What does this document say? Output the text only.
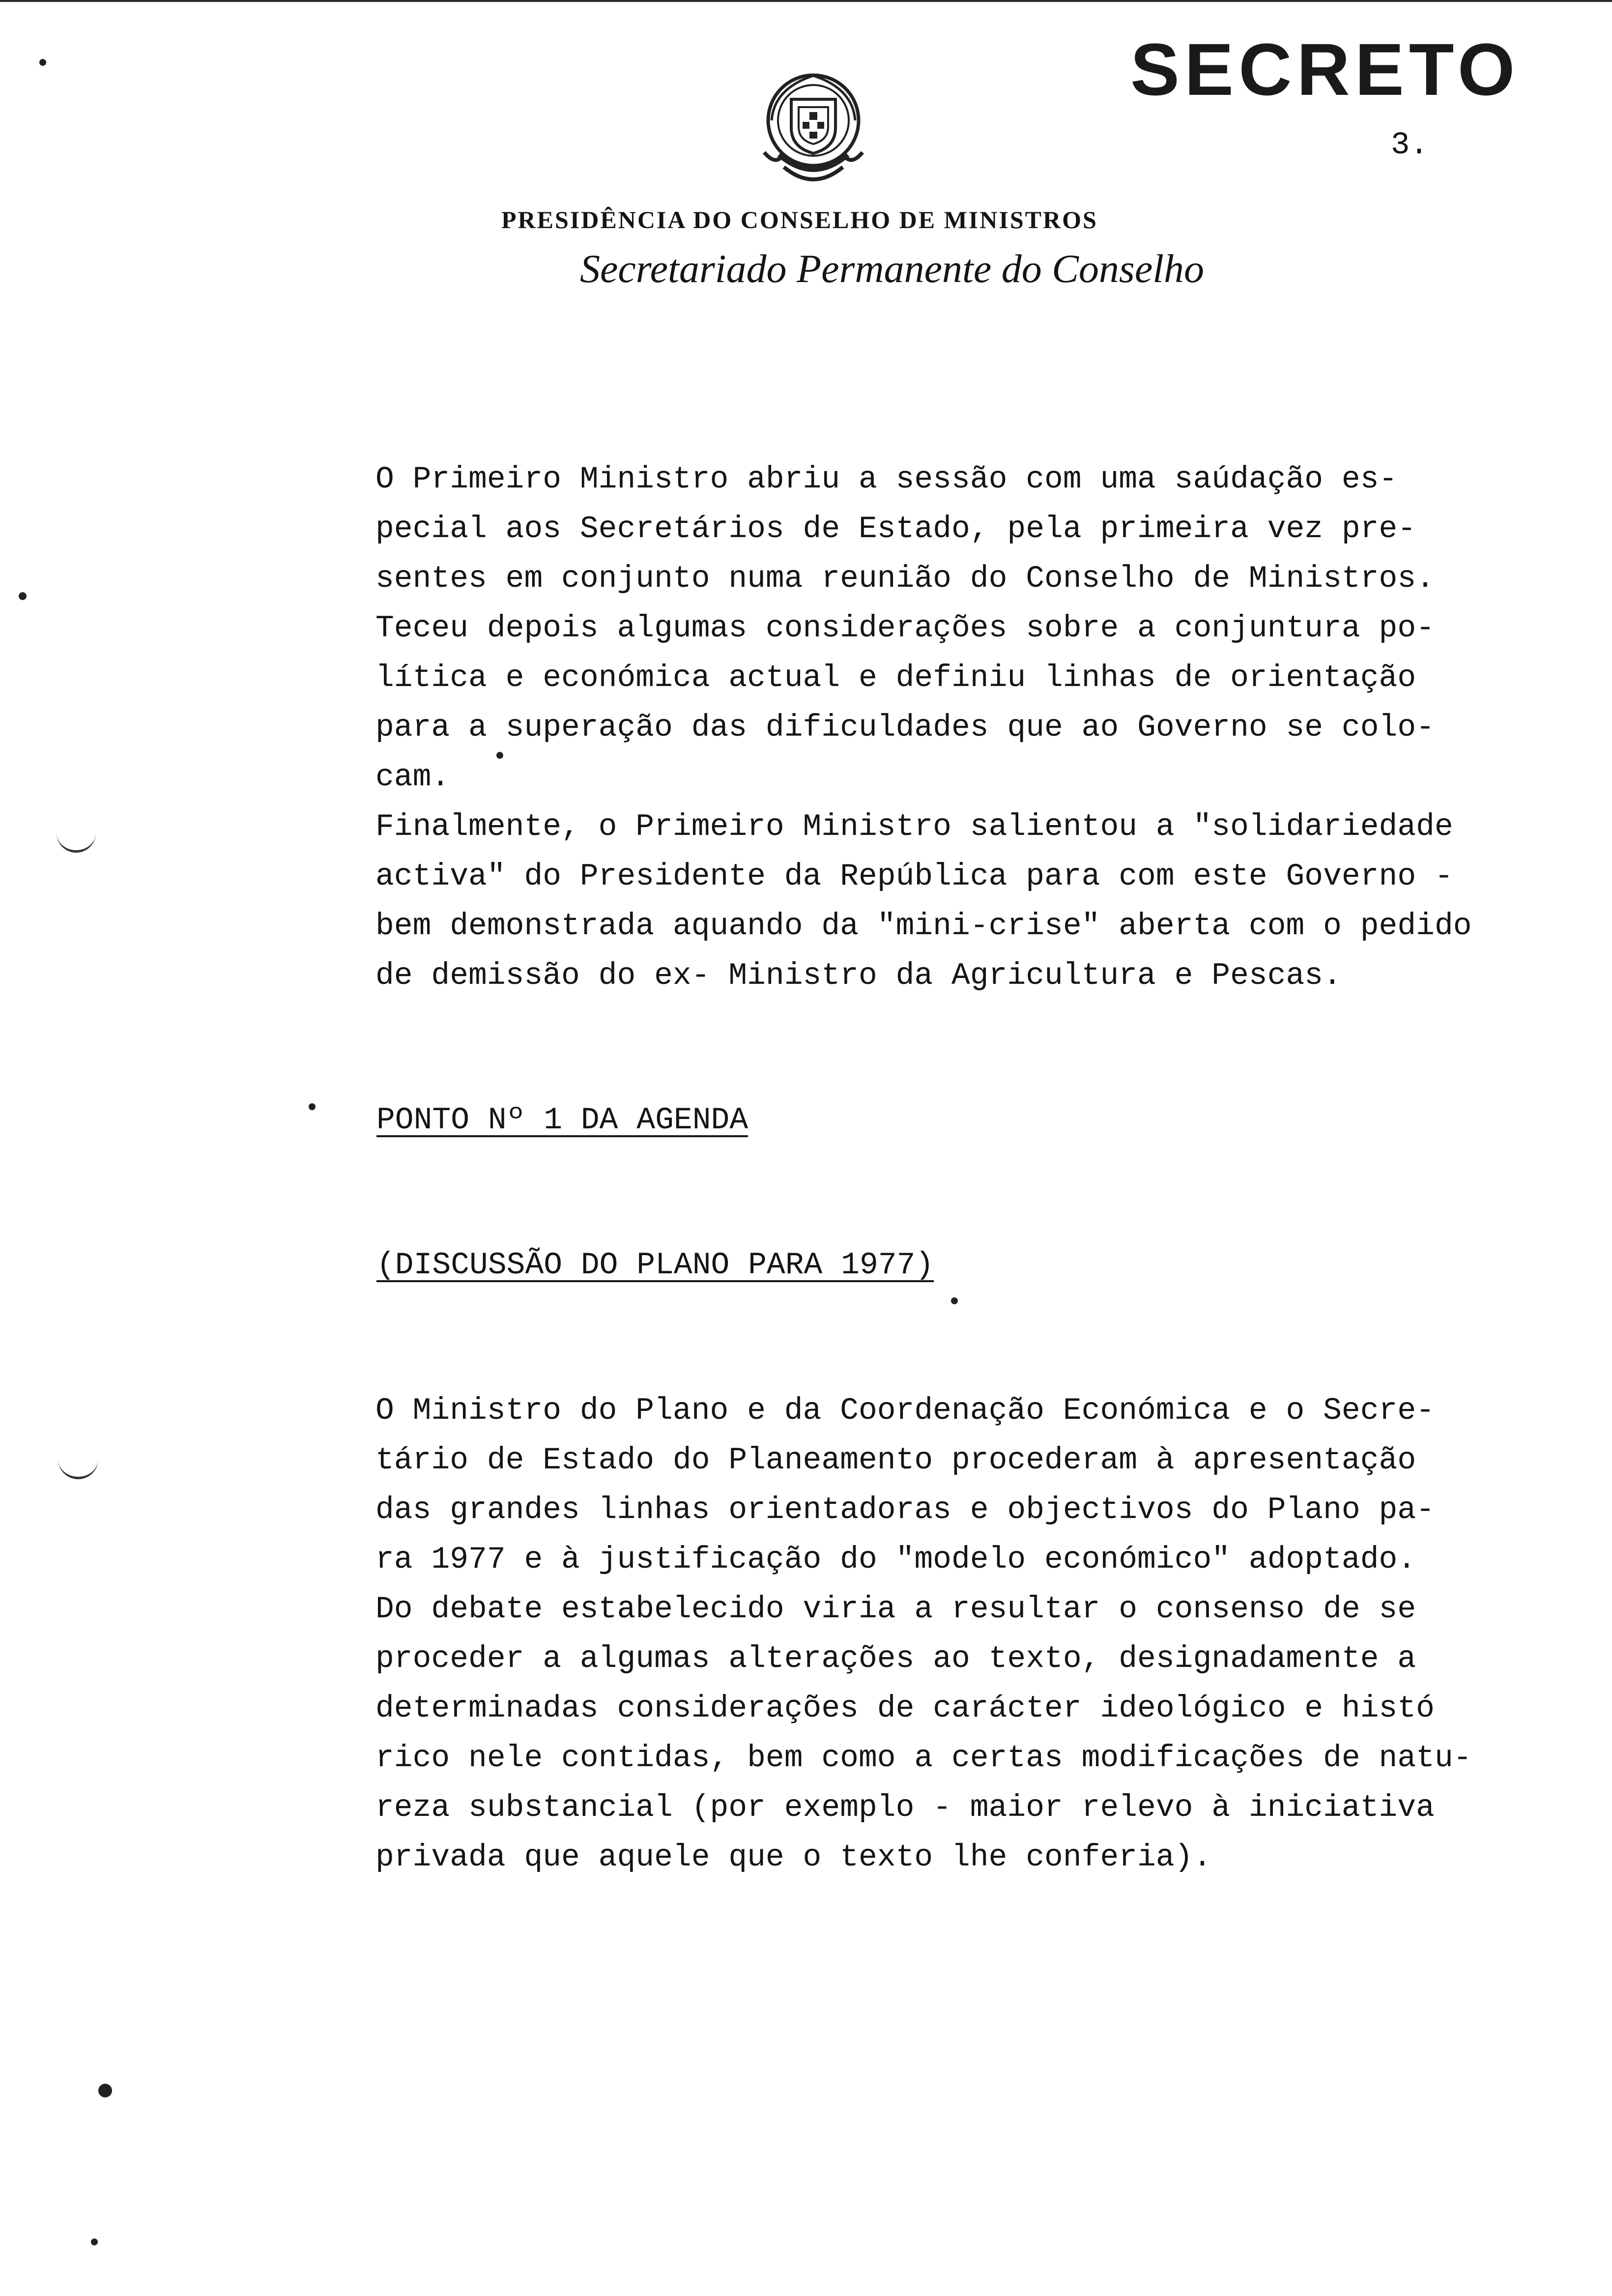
SECRETO
3.
PRESIDÊNCIA DO CONSELHO DE MINISTROS
Secretariado Permanente do Conselho
O Primeiro Ministro abriu a sessão com uma saúdação es-
pecial aos Secretários de Estado, pela primeira vez pre-
sentes em conjunto numa reunião do Conselho de Ministros.
Teceu depois algumas considerações sobre a conjuntura po-
lítica e económica actual e definiu linhas de orientação
para a superação das dificuldades que ao Governo se colo-
cam.
Finalmente, o Primeiro Ministro salientou a "solidariedade
activa" do Presidente da República para com este Governo -
bem demonstrada aquando da "mini-crise" aberta com o pedido
de demissão do ex- Ministro da Agricultura e Pescas.
PONTO Nº 1 DA AGENDA
(DISCUSSÃO DO PLANO PARA 1977)
O Ministro do Plano e da Coordenação Económica e o Secre-
tário de Estado do Planeamento procederam à apresentação
das grandes linhas orientadoras e objectivos do Plano pa-
ra 1977 e à justificação do "modelo económico" adoptado.
Do debate estabelecido viria a resultar o consenso de se
proceder a algumas alterações ao texto, designadamente a
determinadas considerações de carácter ideológico e histó
rico nele contidas, bem como a certas modificações de natu-
reza substancial (por exemplo - maior relevo à iniciativa
privada que aquele que o texto lhe conferia).
